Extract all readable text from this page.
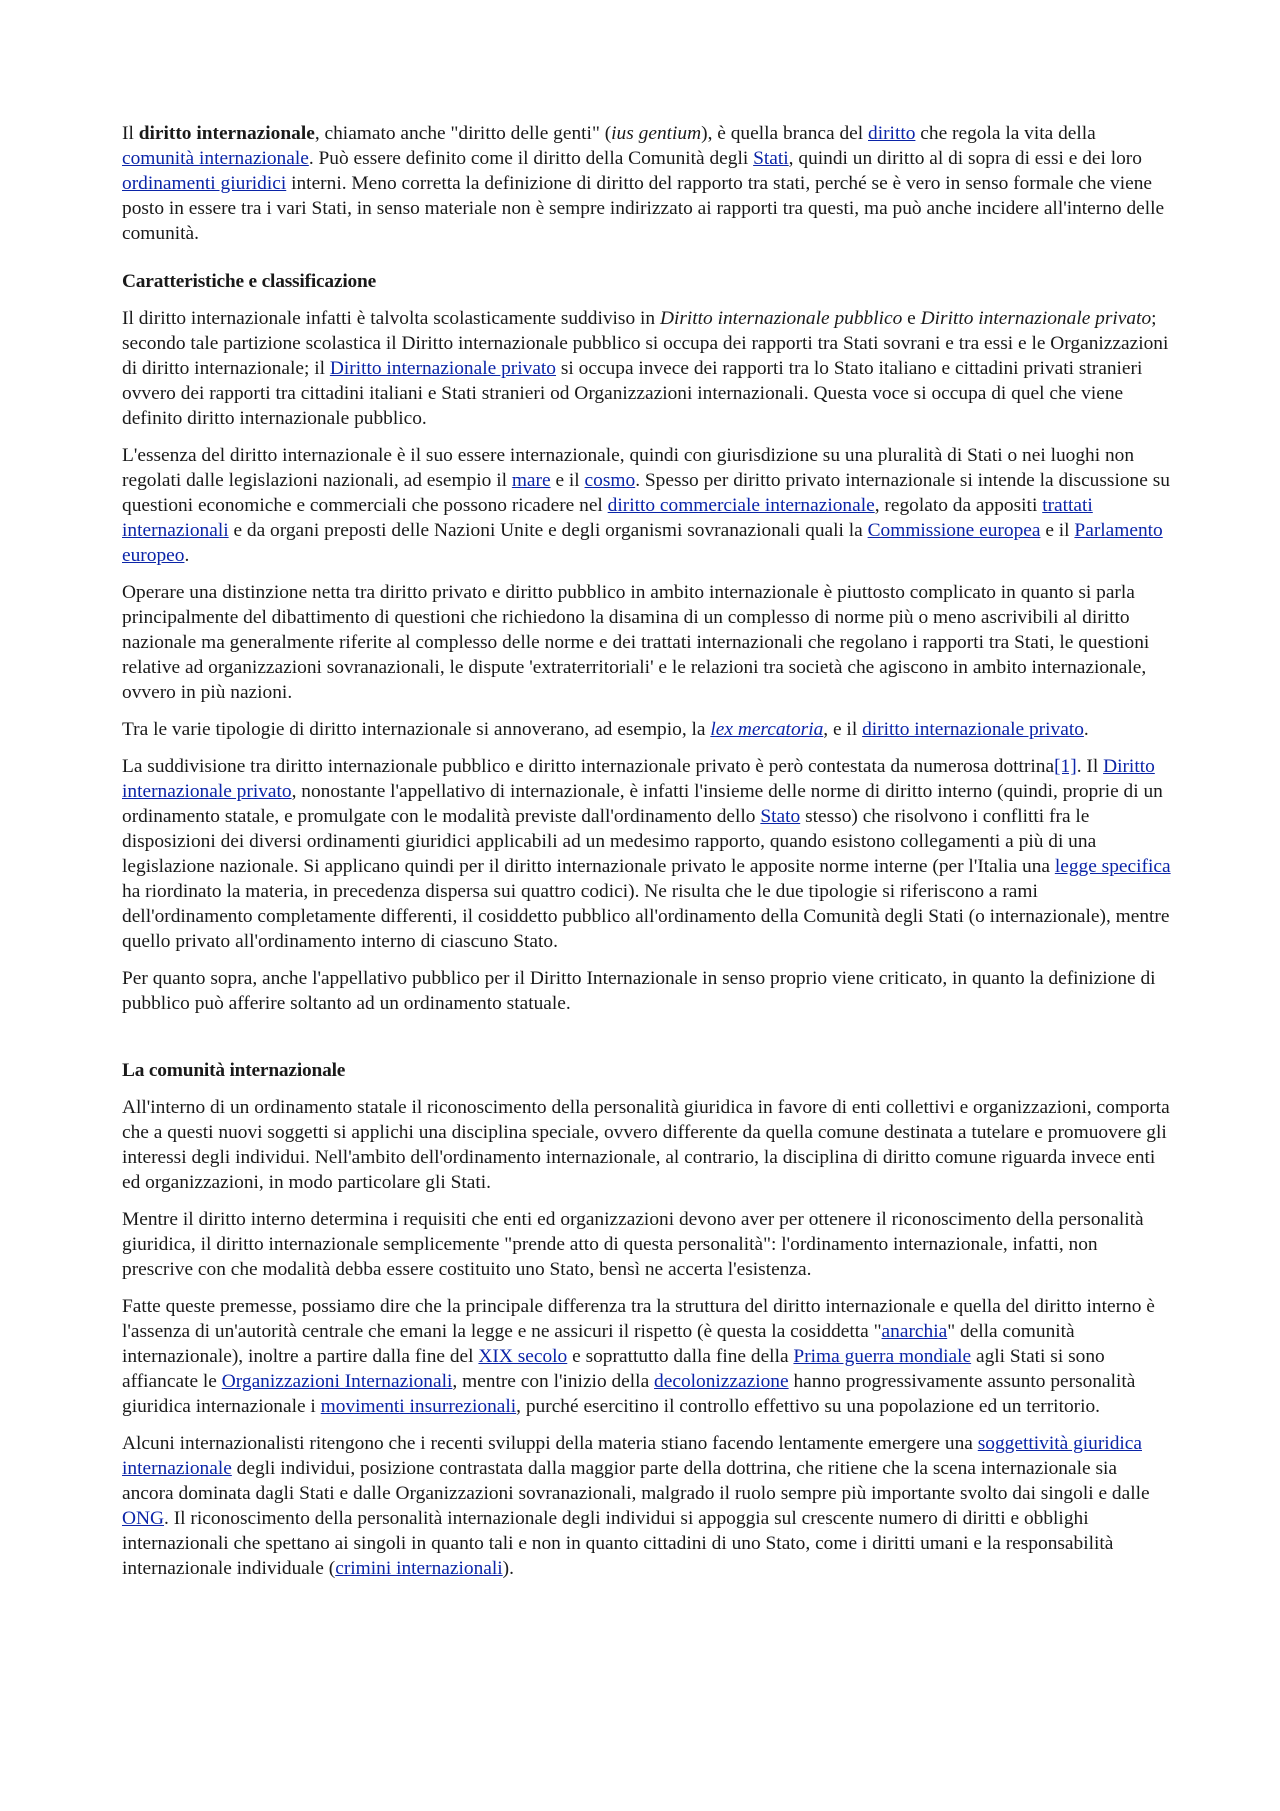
Il diritto internazionale, chiamato anche "diritto delle genti" (ius gentium), è quella branca del diritto che regola la vita della comunità internazionale. Può essere definito come il diritto della Comunità degli Stati, quindi un diritto al di sopra di essi e dei loro ordinamenti giuridici interni. Meno corretta la definizione di diritto del rapporto tra stati, perché se è vero in senso formale che viene posto in essere tra i vari Stati, in senso materiale non è sempre indirizzato ai rapporti tra questi, ma può anche incidere all'interno delle comunità.

Caratteristiche e classificazione

Il diritto internazionale infatti è talvolta scolasticamente suddiviso in Diritto internazionale pubblico e Diritto internazionale privato; secondo tale partizione scolastica il Diritto internazionale pubblico si occupa dei rapporti tra Stati sovrani e tra essi e le Organizzazioni di diritto internazionale; il Diritto internazionale privato si occupa invece dei rapporti tra lo Stato italiano e cittadini privati stranieri ovvero dei rapporti tra cittadini italiani e Stati stranieri od Organizzazioni internazionali. Questa voce si occupa di quel che viene definito diritto internazionale pubblico.

L'essenza del diritto internazionale è il suo essere internazionale, quindi con giurisdizione su una pluralità di Stati o nei luoghi non regolati dalle legislazioni nazionali, ad esempio il mare e il cosmo. Spesso per diritto privato internazionale si intende la discussione su questioni economiche e commerciali che possono ricadere nel diritto commerciale internazionale, regolato da appositi trattati internazionali e da organi preposti delle Nazioni Unite e degli organismi sovranazionali quali la Commissione europea e il Parlamento europeo.

Operare una distinzione netta tra diritto privato e diritto pubblico in ambito internazionale è piuttosto complicato in quanto si parla principalmente del dibattimento di questioni che richiedono la disamina di un complesso di norme più o meno ascrivibili al diritto nazionale ma generalmente riferite al complesso delle norme e dei trattati internazionali che regolano i rapporti tra Stati, le questioni relative ad organizzazioni sovranazionali, le dispute 'extraterritoriali' e le relazioni tra società che agiscono in ambito internazionale, ovvero in più nazioni.

Tra le varie tipologie di diritto internazionale si annoverano, ad esempio, la lex mercatoria, e il diritto internazionale privato.

La suddivisione tra diritto internazionale pubblico e diritto internazionale privato è però contestata da numerosa dottrina[1]. Il Diritto internazionale privato, nonostante l'appellativo di internazionale, è infatti l'insieme delle norme di diritto interno (quindi, proprie di un ordinamento statale, e promulgate con le modalità previste dall'ordinamento dello Stato stesso) che risolvono i conflitti fra le disposizioni dei diversi ordinamenti giuridici applicabili ad un medesimo rapporto, quando esistono collegamenti a più di una legislazione nazionale. Si applicano quindi per il diritto internazionale privato le apposite norme interne (per l'Italia una legge specifica ha riordinato la materia, in precedenza dispersa sui quattro codici). Ne risulta che le due tipologie si riferiscono a rami dell'ordinamento completamente differenti, il cosiddetto pubblico all'ordinamento della Comunità degli Stati (o internazionale), mentre quello privato all'ordinamento interno di ciascuno Stato.

Per quanto sopra, anche l'appellativo pubblico per il Diritto Internazionale in senso proprio viene criticato, in quanto la definizione di pubblico può afferire soltanto ad un ordinamento statuale.

La comunità internazionale

All'interno di un ordinamento statale il riconoscimento della personalità giuridica in favore di enti collettivi e organizzazioni, comporta che a questi nuovi soggetti si applichi una disciplina speciale, ovvero differente da quella comune destinata a tutelare e promuovere gli interessi degli individui. Nell'ambito dell'ordinamento internazionale, al contrario, la disciplina di diritto comune riguarda invece enti ed organizzazioni, in modo particolare gli Stati.

Mentre il diritto interno determina i requisiti che enti ed organizzazioni devono aver per ottenere il riconoscimento della personalità giuridica, il diritto internazionale semplicemente "prende atto di questa personalità": l'ordinamento internazionale, infatti, non prescrive con che modalità debba essere costituito uno Stato, bensì ne accerta l'esistenza.

Fatte queste premesse, possiamo dire che la principale differenza tra la struttura del diritto internazionale e quella del diritto interno è l'assenza di un'autorità centrale che emani la legge e ne assicuri il rispetto (è questa la cosiddetta "anarchia" della comunità internazionale), inoltre a partire dalla fine del XIX secolo e soprattutto dalla fine della Prima guerra mondiale agli Stati si sono affiancate le Organizzazioni Internazionali, mentre con l'inizio della decolonizzazione hanno progressivamente assunto personalità giuridica internazionale i movimenti insurrezionali, purché esercitino il controllo effettivo su una popolazione ed un territorio.

Alcuni internazionalisti ritengono che i recenti sviluppi della materia stiano facendo lentamente emergere una soggettività giuridica internazionale degli individui, posizione contrastata dalla maggior parte della dottrina, che ritiene che la scena internazionale sia ancora dominata dagli Stati e dalle Organizzazioni sovranazionali, malgrado il ruolo sempre più importante svolto dai singoli e dalle ONG. Il riconoscimento della personalità internazionale degli individui si appoggia sul crescente numero di diritti e obblighi internazionali che spettano ai singoli in quanto tali e non in quanto cittadini di uno Stato, come i diritti umani e la responsabilità internazionale individuale (crimini internazionali).
